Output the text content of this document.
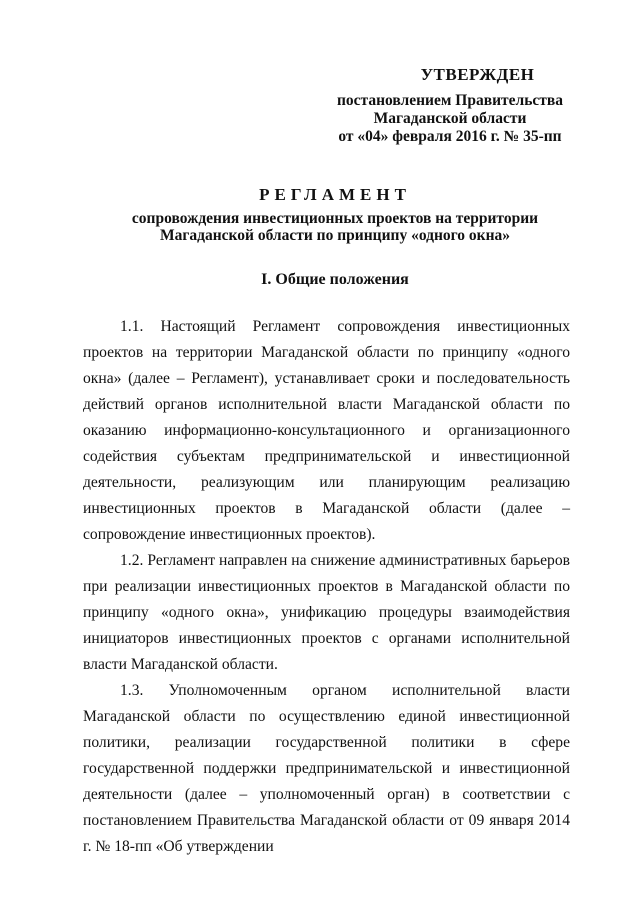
УТВЕРЖДЕН
постановлением Правительства
Магаданской области
от «04» февраля 2016 г. № 35-пп
РЕГЛАМЕНТ
сопровождения инвестиционных проектов на территории
Магаданской области по принципу «одного окна»
I. Общие положения

1.1. Настоящий Регламент сопровождения инвестиционных проектов на территории Магаданской области по принципу «одного окна» (далее – Регламент), устанавливает сроки и последовательность действий органов исполнительной власти Магаданской области по оказанию информационно-консультационного и организационного содействия субъектам предпринимательской и инвестиционной деятельности, реализующим или планирующим реализацию инвестиционных проектов в Магаданской области (далее – сопровождение инвестиционных проектов).

1.2. Регламент направлен на снижение административных барьеров при реализации инвестиционных проектов в Магаданской области по принципу «одного окна», унификацию процедуры взаимодействия инициаторов инвестиционных проектов с органами исполнительной власти Магаданской области.

1.3. Уполномоченным органом исполнительной власти Магаданской области по осуществлению единой инвестиционной политики, реализации государственной политики в сфере государственной поддержки предпринимательской и инвестиционной деятельности (далее – уполномоченный орган) в соответствии с постановлением Правительства Магаданской области от 09 января 2014 г. № 18-пп «Об утверждении
